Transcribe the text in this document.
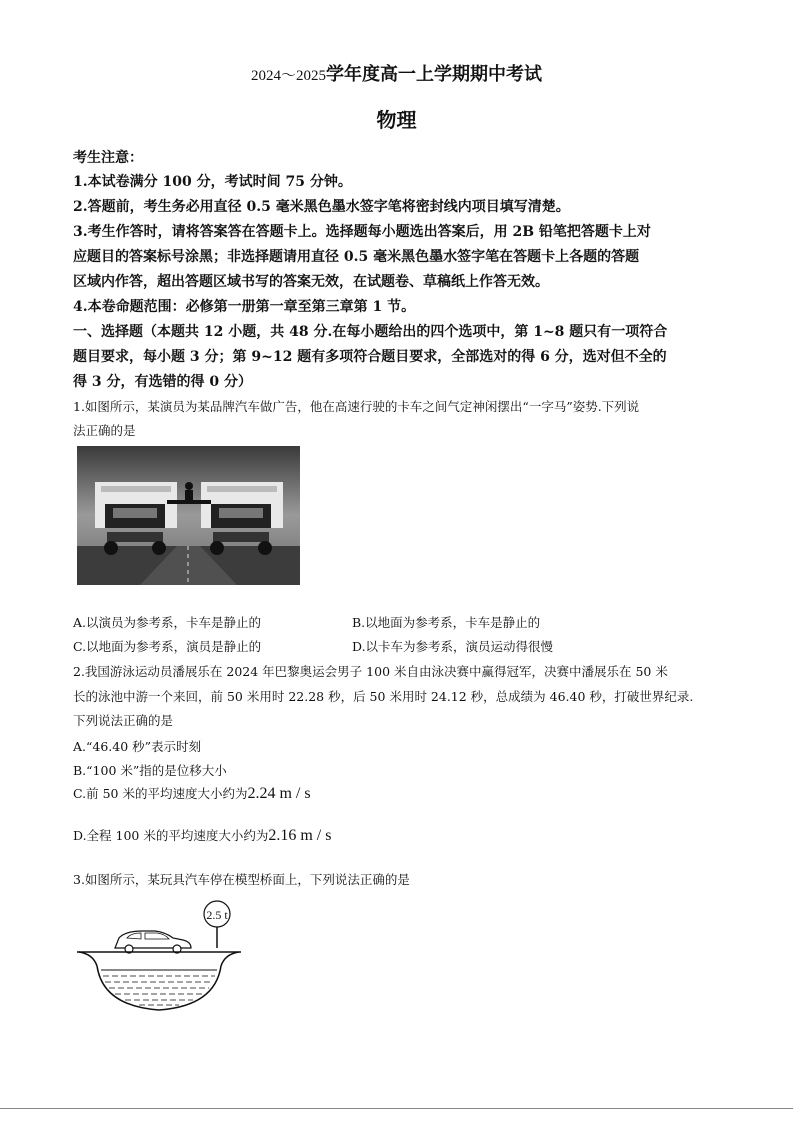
2024～2025学年度高一上学期期中考试
物理
考生注意：
1.本试卷满分 100 分，考试时间 75 分钟。
2.答题前，考生务必用直径 0.5 毫米黑色墨水签字笔将密封线内项目填写清楚。
3.考生作答时，请将答案答在答题卡上。选择题每小题选出答案后，用 2B 铅笔把答题卡上对
应题目的答案标号涂黑；非选择题请用直径 0.5 毫米黑色墨水签字笔在答题卡上各题的答题
区域内作答，超出答题区域书写的答案无效，在试题卷、草稿纸上作答无效。
4.本卷命题范围：必修第一册第一章至第三章第 1 节。
一、选择题（本题共 12 小题，共 48 分.在每小题给出的四个选项中，第 1~8 题只有一项符合
题目要求，每小题 3 分；第 9~12 题有多项符合题目要求，全部选对的得 6 分，选对但不全的
得 3 分，有选错的得 0 分）
1.如图所示，某演员为某品牌汽车做广告，他在高速行驶的卡车之间气定神闲摆出“一字马”姿势.下列说
法正确的是
A.以演员为参考系，卡车是静止的	B.以地面为参考系，卡车是静止的
C.以地面为参考系，演员是静止的	D.以卡车为参考系，演员运动得很慢
2.我国游泳运动员潘展乐在 2024 年巴黎奥运会男子 100 米自由泳决赛中赢得冠军，决赛中潘展乐在 50 米
长的泳池中游一个来回，前 50 米用时 22.28 秒，后 50 米用时 24.12 秒，总成绩为 46.40 秒，打破世界纪录.
下列说法正确的是
A.“46.40 秒”表示时刻
B.“100 米”指的是位移大小
C.前 50 米的平均速度大小约为2.24 m / s
D.全程 100 米的平均速度大小约为2.16 m / s
3.如图所示，某玩具汽车停在模型桥面上，下列说法正确的是
2.5 t
